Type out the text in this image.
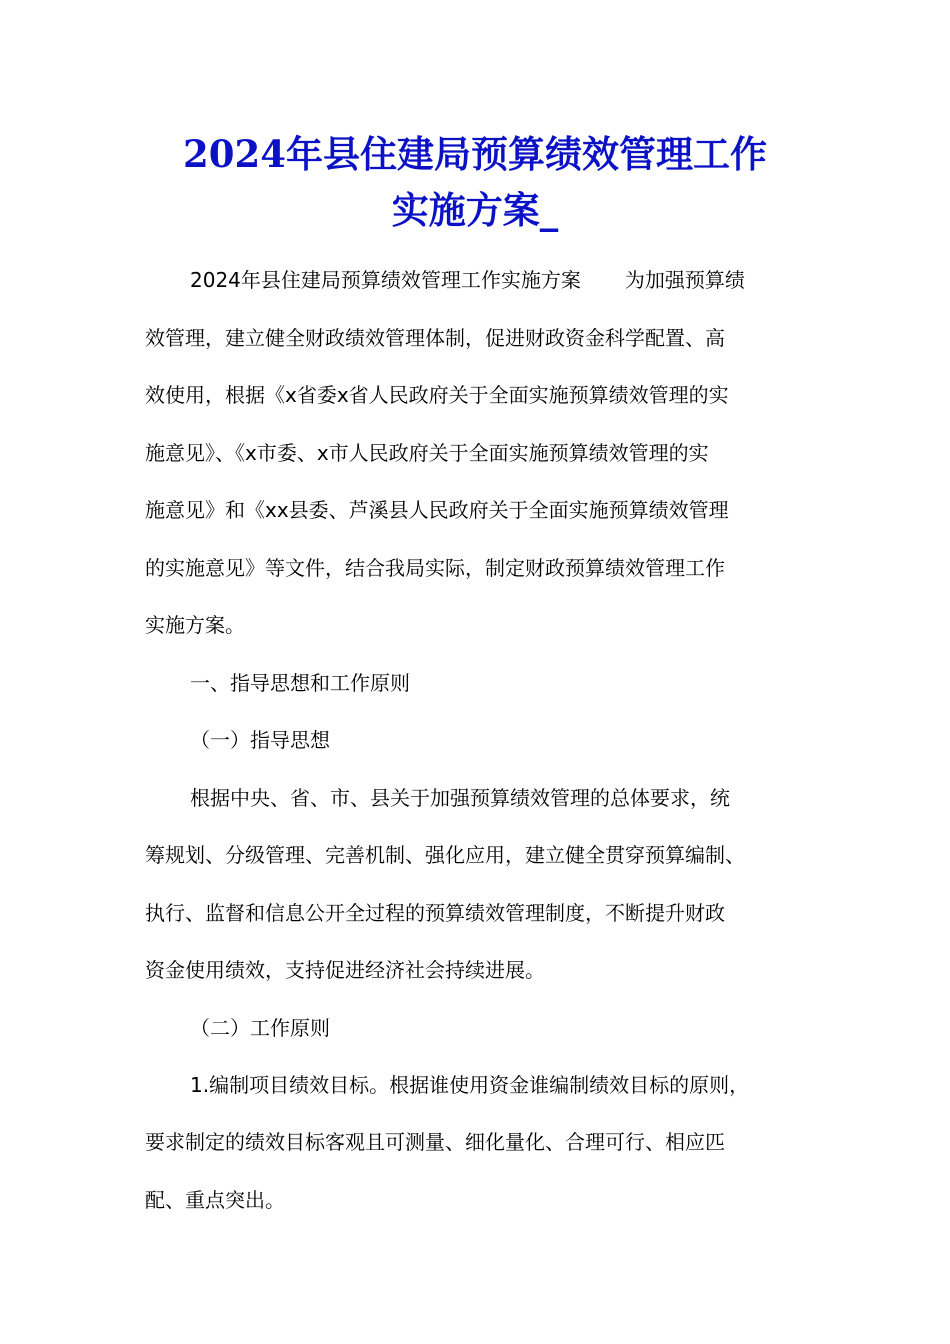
2024年县住建局预算绩效管理工作
实施方案_
2024年县住建局预算绩效管理工作实施方案 为加强预算绩
效管理，建立健全财政绩效管理体制，促进财政资金科学配置、高
效使用，根据《x省委x省人民政府关于全面实施预算绩效管理的实
施意见》、《x市委、x市人民政府关于全面实施预算绩效管理的实
施意见》和《xx县委、芦溪县人民政府关于全面实施预算绩效管理
的实施意见》等文件，结合我局实际，制定财政预算绩效管理工作
实施方案。
一、指导思想和工作原则
（一）指导思想
根据中央、省、市、县关于加强预算绩效管理的总体要求，统
筹规划、分级管理、完善机制、强化应用，建立健全贯穿预算编制、
执行、监督和信息公开全过程的预算绩效管理制度，不断提升财政
资金使用绩效，支持促进经济社会持续进展。
（二）工作原则
1.编制项目绩效目标。根据谁使用资金谁编制绩效目标的原则，
要求制定的绩效目标客观且可测量、细化量化、合理可行、相应匹
配、重点突出。
